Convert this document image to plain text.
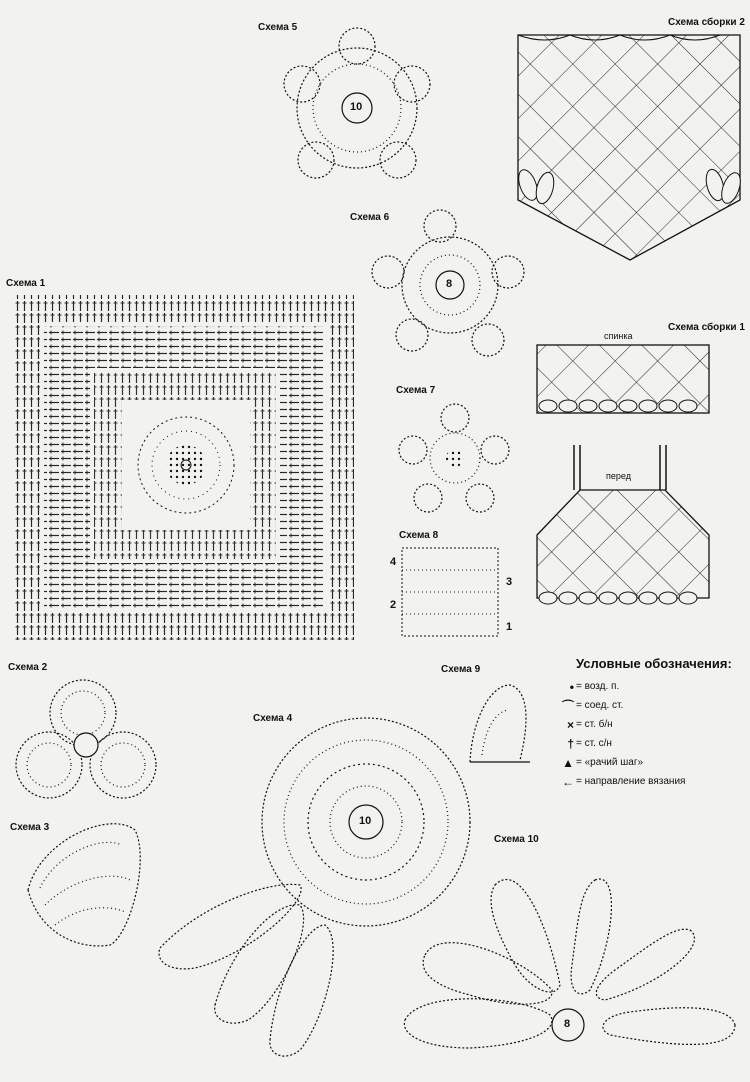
Схема 1
Схема 2
Схема 3
Схема 4
Схема 5
Схема 6
Схема 7
Схема 8
Схема 9
Схема 10
Схема сборки 2
Схема сборки 1
спинка
перед
10
8
10
8
4
3
2
1
Условные обозначения:
• = возд. п.
⌒ = соед. ст.
× = ст. б/н
† = ст. с/н
▲ = «рачий шаг»
← = направление вязания
